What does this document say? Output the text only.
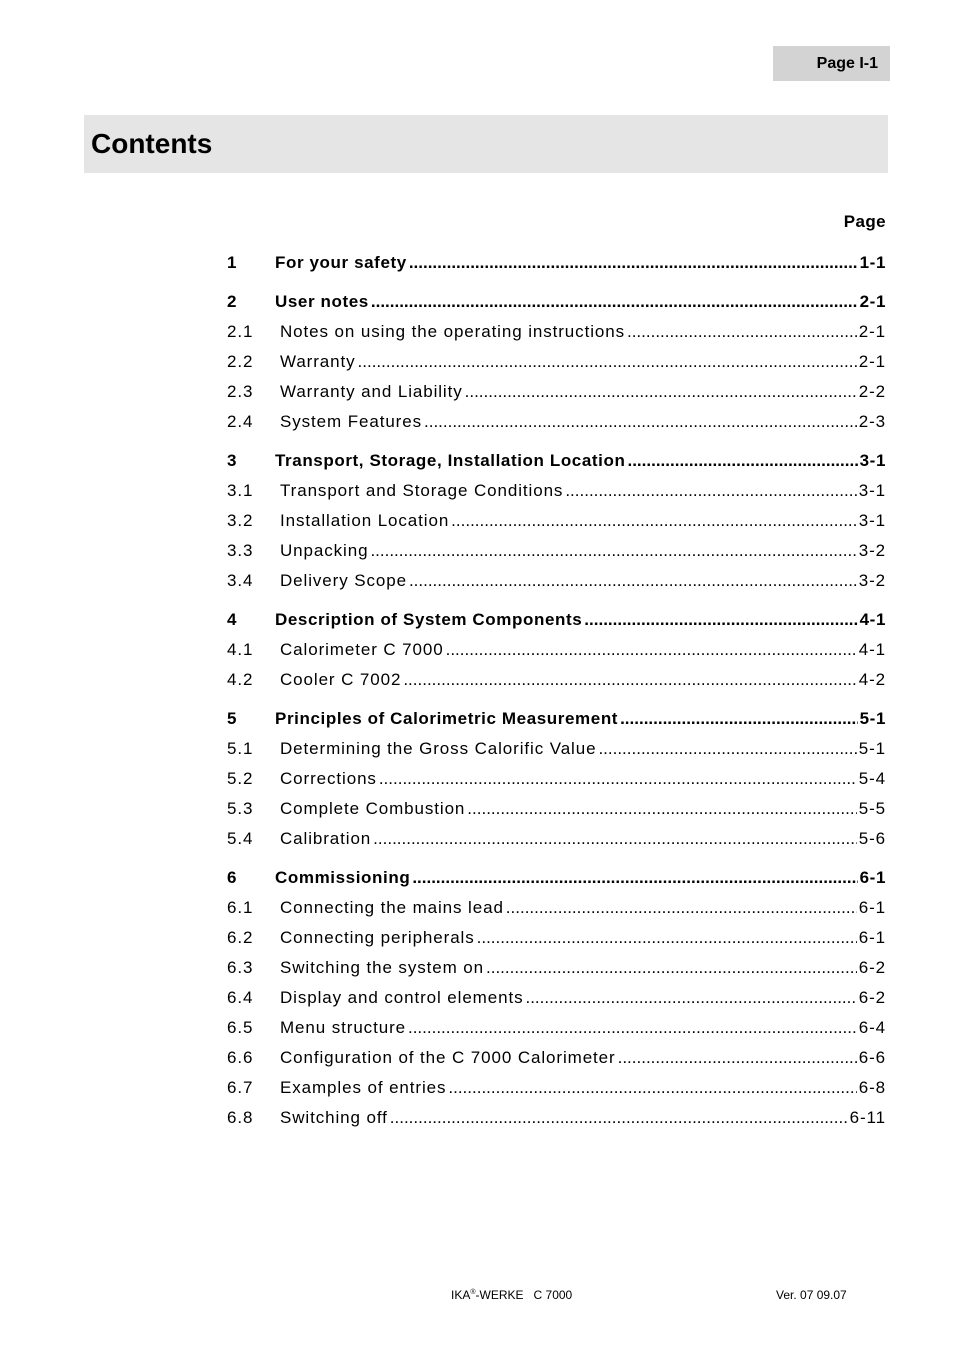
Page I-1
Contents
Page
1	For your safety .....	1-1
2	User notes .....	2-1
2.1	Notes on using the operating instructions .....	2-1
2.2	Warranty .....	2-1
2.3	Warranty and Liability .....	2-2
2.4	System Features .....	2-3
3	Transport, Storage, Installation Location .....	3-1
3.1	Transport and Storage Conditions .....	3-1
3.2	Installation Location .....	3-1
3.3	Unpacking .....	3-2
3.4	Delivery Scope .....	3-2
4	Description of System Components .....	4-1
4.1	Calorimeter C 7000 .....	4-1
4.2	Cooler C 7002 .....	4-2
5	Principles of Calorimetric Measurement .....	5-1
5.1	Determining the Gross Calorific Value .....	5-1
5.2	Corrections .....	5-4
5.3	Complete Combustion .....	5-5
5.4	Calibration .....	5-6
6	Commissioning .....	6-1
6.1	Connecting the mains lead .....	6-1
6.2	Connecting peripherals .....	6-1
6.3	Switching the system on .....	6-2
6.4	Display and control elements .....	6-2
6.5	Menu structure .....	6-4
6.6	Configuration of the C 7000 Calorimeter .....	6-6
6.7	Examples of entries .....	6-8
6.8	Switching off .....	6-11
IKA®-WERKE   C 7000	Ver. 07 09.07
